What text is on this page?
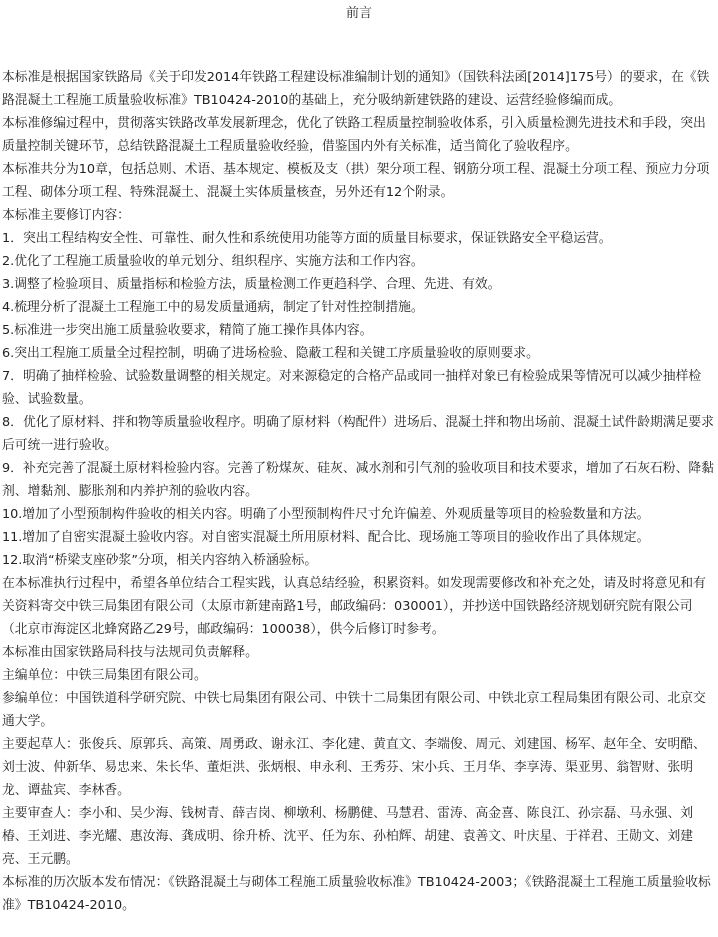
前言

本标准是根据国家铁路局《关于印发2014年铁路工程建设标准编制计划的通知》（国铁科法函[2014]175号）的要求，在《铁路混凝土工程施工质量验收标准》TB10424-2010的基础上，充分吸纳新建铁路的建设、运营经验修编而成。

本标准修编过程中，贯彻落实铁路改革发展新理念，优化了铁路工程质量控制验收体系，引入质量检测先进技术和手段，突出质量控制关键环节，总结铁路混凝土工程质量验收经验，借鉴国内外有关标准，适当简化了验收程序。

本标准共分为10章，包括总则、术语、基本规定、模板及支（拱）架分项工程、钢筋分项工程、混凝土分项工程、预应力分项工程、砌体分项工程、特殊混凝土、混凝土实体质量核查，另外还有12个附录。

本标准主要修订内容：

1．突出工程结构安全性、可靠性、耐久性和系统使用功能等方面的质量目标要求，保证铁路安全平稳运营。

2.优化了工程施工质量验收的单元划分、组织程序、实施方法和工作内容。

3.调整了检验项目、质量指标和检验方法，质量检测工作更趋科学、合理、先进、有效。

4.梳理分析了混凝土工程施工中的易发质量通病，制定了针对性控制措施。

5.标准进一步突出施工质量验收要求，精简了施工操作具体内容。

6.突出工程施工质量全过程控制，明确了进场检验、隐蔽工程和关键工序质量验收的原则要求。

7．明确了抽样检验、试验数量调整的相关规定。对来源稳定的合格产品或同一抽样对象已有检验成果等情况可以减少抽样检验、试验数量。

8．优化了原材料、拌和物等质量验收程序。明确了原材料（构配件）进场后、混凝土拌和物出场前、混凝土试件龄期满足要求后可统一进行验收。

9．补充完善了混凝土原材料检验内容。完善了粉煤灰、硅灰、减水剂和引气剂的验收项目和技术要求，增加了石灰石粉、降黏剂、增黏剂、膨胀剂和内养护剂的验收内容。

10.增加了小型预制构件验收的相关内容。明确了小型预制构件尺寸允许偏差、外观质量等项目的检验数量和方法。

11.增加了自密实混凝土验收内容。对自密实混凝土所用原材料、配合比、现场施工等项目的验收作出了具体规定。

12.取消“桥梁支座砂浆”分项，相关内容纳入桥涵验标。

在本标准执行过程中，希望各单位结合工程实践，认真总结经验，积累资料。如发现需要修改和补充之处，请及时将意见和有关资料寄交中铁三局集团有限公司（太原市新建南路1号，邮政编码：030001），并抄送中国铁路经济规划研究院有限公司（北京市海淀区北蜂窝路乙29号，邮政编码：100038），供今后修订时参考。

本标准由国家铁路局科技与法规司负责解释。

主编单位：中铁三局集团有限公司。

参编单位：中国铁道科学研究院、中铁七局集团有限公司、中铁十二局集团有限公司、中铁北京工程局集团有限公司、北京交通大学。

主要起草人：张俊兵、原郭兵、高策、周勇政、谢永江、李化建、黄直文、李端俊、周元、刘建国、杨军、赵年全、安明酷、刘士波、仲新华、易忠来、朱长华、董炬洪、张炳根、申永利、王秀芬、宋小兵、王月华、李享涛、渠亚男、翁智财、张明龙、谭盐宾、李林香。

主要审查人：李小和、吴少海、钱树青、薛吉岗、柳墩利、杨鹏健、马慧君、雷涛、高金喜、陈良江、孙宗磊、马永强、刘椿、王刘进、李光耀、惠汝海、龚成明、徐升桥、沈平、任为东、孙柏辉、胡建、袁善文、叶庆星、于祥君、王勋文、刘建亮、王元鹏。

本标准的历次版本发布情况：《铁路混凝土与砌体工程施工质量验收标准》TB10424-2003；《铁路混凝土工程施工质量验收标准》TB10424-2010。
